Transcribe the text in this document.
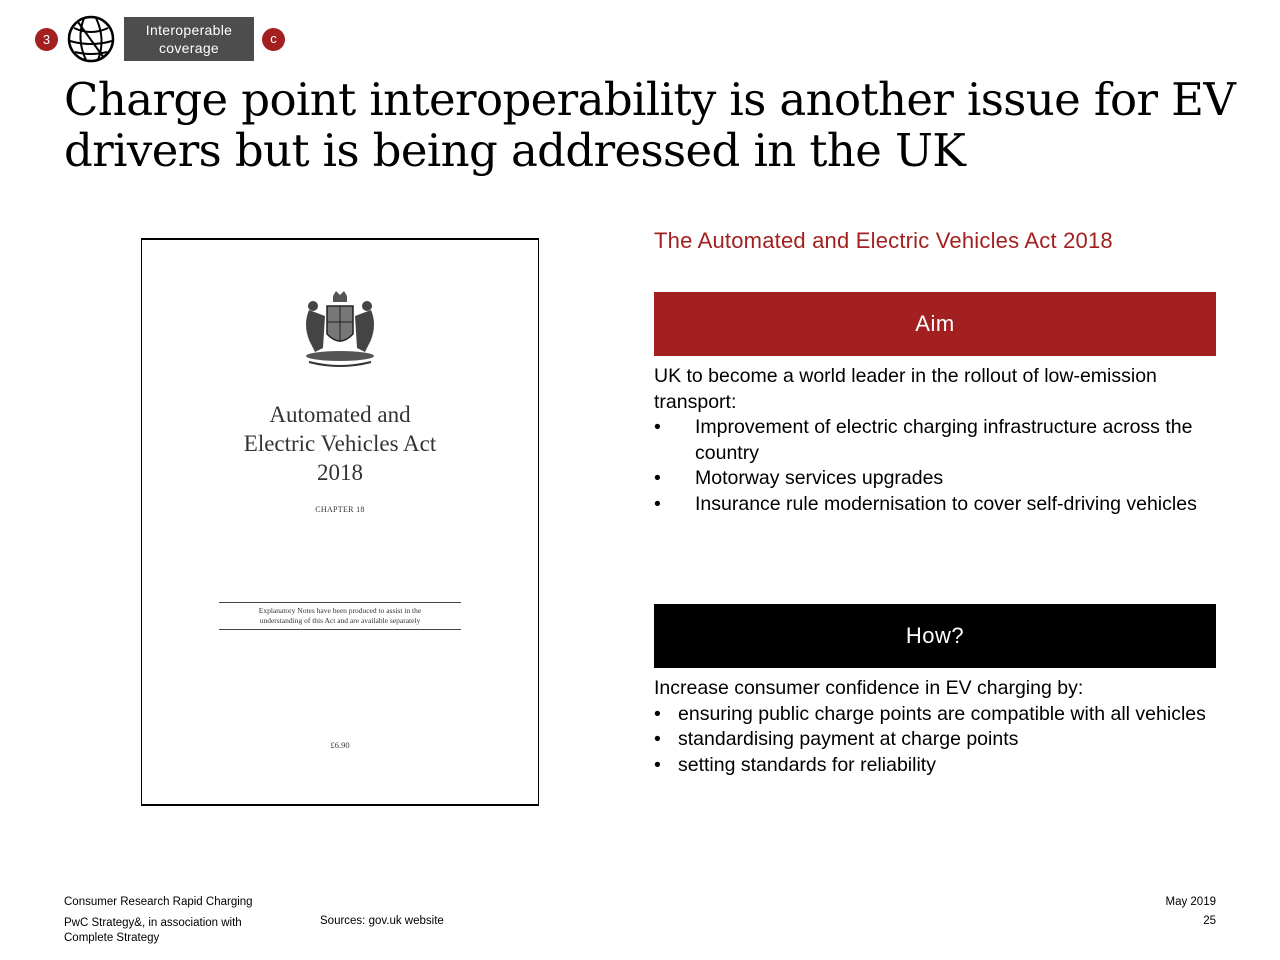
3
Interoperable coverage
c
Charge point interoperability is another issue for EV drivers but is being addressed in the UK
Automated and
Electric Vehicles Act
2018
CHAPTER 18
Explanatory Notes have been produced to assist in the
understanding of this Act and are available separately
£6.90
The Automated and Electric Vehicles Act 2018
Aim

UK to become a world leader in the rollout of low-emission transport:

• Improvement of electric charging infrastructure across the country
• Motorway services upgrades
• Insurance rule modernisation to cover self-driving vehicles
How?

Increase consumer confidence in EV charging by:

• ensuring public charge points are compatible with all vehicles
• standardising payment at charge points
• setting standards for reliability
Consumer Research Rapid Charging
PwC Strategy&, in association with Complete Strategy
Sources: gov.uk website
May 2019
25
